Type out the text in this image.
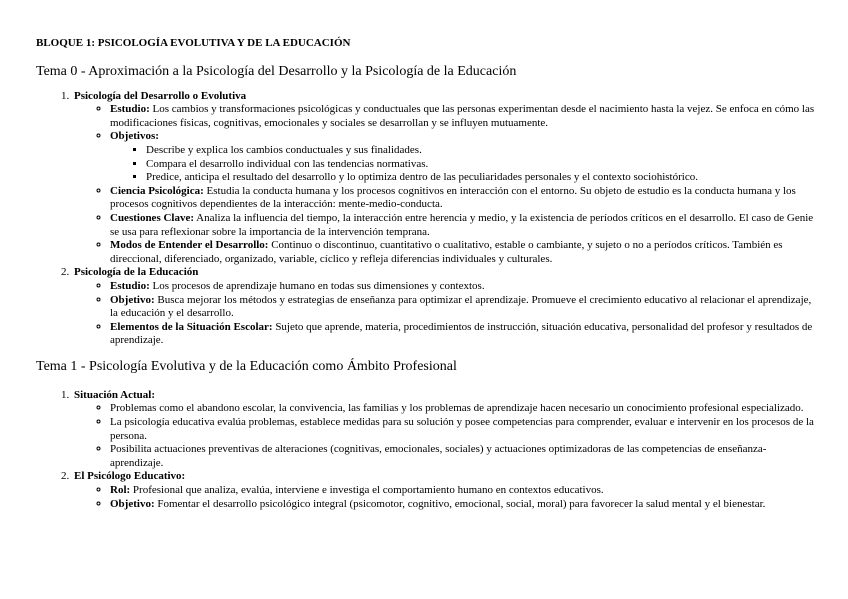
BLOQUE 1: PSICOLOGÍA EVOLUTIVA Y DE LA EDUCACIÓN
Tema 0 - Aproximación a la Psicología del Desarrollo y la Psicología de la Educación
1. Psicología del Desarrollo o Evolutiva
◦ Estudio: Los cambios y transformaciones psicológicas y conductuales que las personas experimentan desde el nacimiento hasta la vejez. Se enfoca en cómo las modificaciones físicas, cognitivas, emocionales y sociales se desarrollan y se influyen mutuamente.
◦ Objetivos:
▪ Describe y explica los cambios conductuales y sus finalidades.
▪ Compara el desarrollo individual con las tendencias normativas.
▪ Predice, anticipa el resultado del desarrollo y lo optimiza dentro de las peculiaridades personales y el contexto sociohistórico.
◦ Ciencia Psicológica: Estudia la conducta humana y los procesos cognitivos en interacción con el entorno. Su objeto de estudio es la conducta humana y los procesos cognitivos dependientes de la interacción: mente-medio-conducta.
◦ Cuestiones Clave: Analiza la influencia del tiempo, la interacción entre herencia y medio, y la existencia de períodos críticos en el desarrollo. El caso de Genie se usa para reflexionar sobre la importancia de la intervención temprana.
◦ Modos de Entender el Desarrollo: Continuo o discontinuo, cuantitativo o cualitativo, estable o cambiante, y sujeto o no a períodos críticos. También es direccional, diferenciado, organizado, variable, cíclico y refleja diferencias individuales y culturales.
2. Psicología de la Educación
◦ Estudio: Los procesos de aprendizaje humano en todas sus dimensiones y contextos.
◦ Objetivo: Busca mejorar los métodos y estrategias de enseñanza para optimizar el aprendizaje. Promueve el crecimiento educativo al relacionar el aprendizaje, la educación y el desarrollo.
◦ Elementos de la Situación Escolar: Sujeto que aprende, materia, procedimientos de instrucción, situación educativa, personalidad del profesor y resultados de aprendizaje.
Tema 1 - Psicología Evolutiva y de la Educación como Ámbito Profesional
1. Situación Actual:
◦ Problemas como el abandono escolar, la convivencia, las familias y los problemas de aprendizaje hacen necesario un conocimiento profesional especializado.
◦ La psicología educativa evalúa problemas, establece medidas para su solución y posee competencias para comprender, evaluar e intervenir en los procesos de la persona.
◦ Posibilita actuaciones preventivas de alteraciones (cognitivas, emocionales, sociales) y actuaciones optimizadoras de las competencias de enseñanza-aprendizaje.
2. El Psicólogo Educativo:
◦ Rol: Profesional que analiza, evalúa, interviene e investiga el comportamiento humano en contextos educativos.
◦ Objetivo: Fomentar el desarrollo psicológico integral (psicomotor, cognitivo, emocional, social, moral) para favorecer la salud mental y el bienestar.
